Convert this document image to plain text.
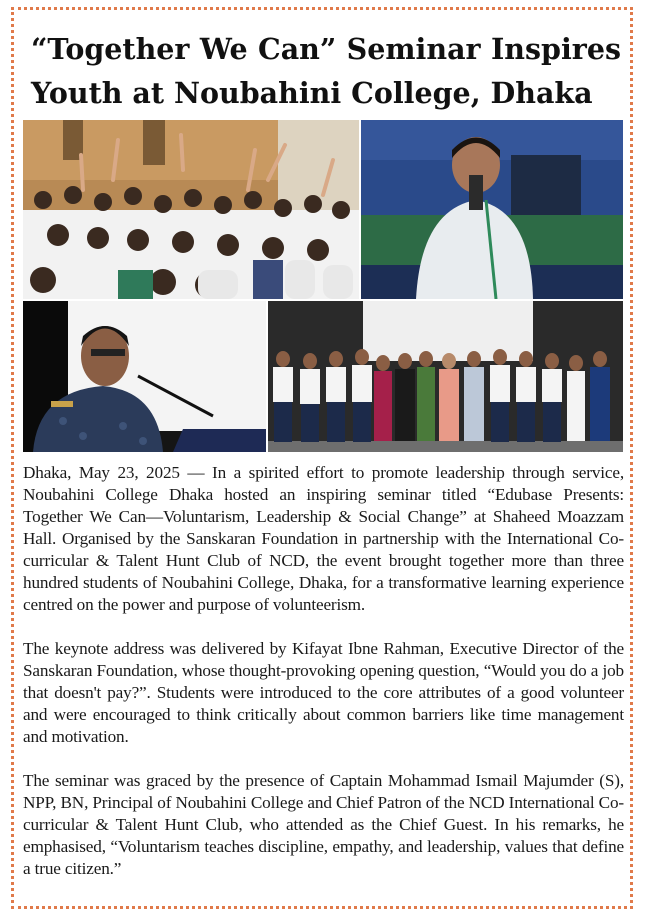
“Together We Can” Seminar Inspires Youth at Noubahini College, Dhaka

Dhaka, May 23, 2025 — In a spirited effort to promote leadership through service, Noubahini College Dhaka hosted an inspiring seminar titled “Edubase Presents: Together We Can—Voluntarism, Leadership & Social Change” at Shaheed Moazzam Hall. Organised by the Sanskaran Foundation in partnership with the International Co-curricular & Talent Hunt Club of NCD, the event brought together more than three hundred students of Noubahini College, Dhaka, for a transformative learning experience centred on the power and purpose of volunteerism.

The keynote address was delivered by Kifayat Ibne Rahman, Executive Director of the Sanskaran Foundation, whose thought-provoking opening question, “Would you do a job that doesn't pay?”. Students were introduced to the core attributes of a good volunteer and were encouraged to think critically about common barriers like time management and motivation.

The seminar was graced by the presence of Captain Mohammad Ismail Majumder (S), NPP, BN, Principal of Noubahini College and Chief Patron of the NCD International Co-curricular & Talent Hunt Club, who attended as the Chief Guest. In his remarks, he emphasised, “Voluntarism teaches discipline, empathy, and leadership, values that define a true citizen.”
